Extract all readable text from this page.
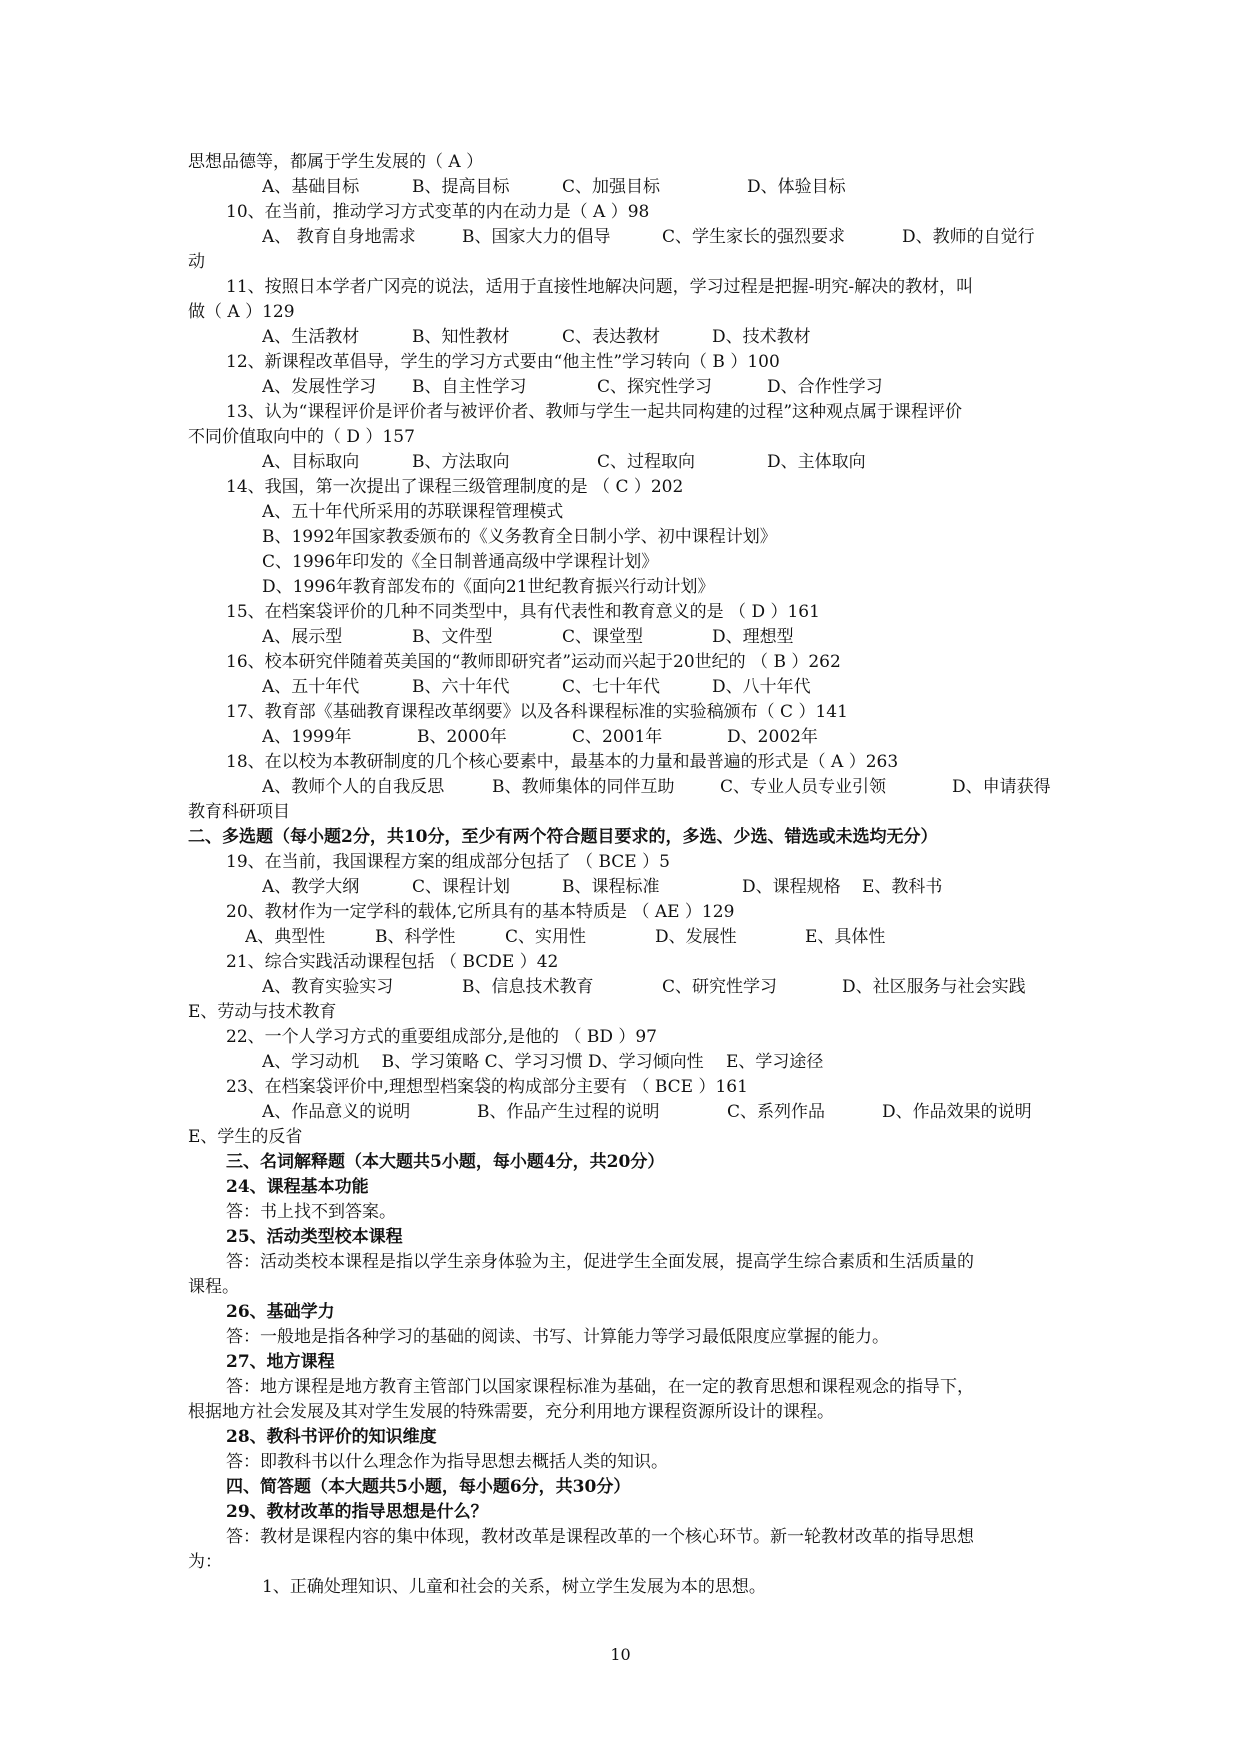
思想品德等，都属于学生发展的（ A ）
A、基础目标	B、提高目标	C、加强目标	D、体验目标
10、在当前，推动学习方式变革的内在动力是（ A ）98
A、 教育自身地需求	B、国家大力的倡导	C、学生家长的强烈要求	D、教师的自觉行
动
11、按照日本学者广冈亮的说法，适用于直接性地解决问题，学习过程是把握-明究-解决的教材，叫
做（ A ）129
A、生活教材	B、知性教材	C、表达教材	D、技术教材
12、新课程改革倡导，学生的学习方式要由“他主性”学习转向（ B ）100
A、发展性学习	B、自主性学习	C、探究性学习	D、合作性学习
13、认为“课程评价是评价者与被评价者、教师与学生一起共同构建的过程”这种观点属于课程评价
不同价值取向中的（ D ）157
A、目标取向	B、方法取向	C、过程取向	D、主体取向
14、我国，第一次提出了课程三级管理制度的是 （ C ）202
A、五十年代所采用的苏联课程管理模式
B、1992年国家教委颁布的《义务教育全日制小学、初中课程计划》
C、1996年印发的《全日制普通高级中学课程计划》
D、1996年教育部发布的《面向21世纪教育振兴行动计划》
15、在档案袋评价的几种不同类型中，具有代表性和教育意义的是 （ D ）161
A、展示型	B、文件型	C、课堂型	D、理想型
16、校本研究伴随着英美国的“教师即研究者”运动而兴起于20世纪的 （ B ）262
A、五十年代	B、六十年代	C、七十年代	D、八十年代
17、教育部《基础教育课程改革纲要》以及各科课程标准的实验稿颁布（ C ）141
A、1999年	B、2000年	C、2001年	D、2002年
18、在以校为本教研制度的几个核心要素中，最基本的力量和最普遍的形式是（ A ）263
A、教师个人的自我反思	B、教师集体的同伴互助	C、专业人员专业引领	D、申请获得
教育科研项目
二、多选题（每小题2分，共10分，至少有两个符合题目要求的，多选、少选、错选或未选均无分）
19、在当前，我国课程方案的组成部分包括了 （ BCE ）5
A、教学大纲	C、课程计划	B、课程标准	D、课程规格	E、教科书
20、教材作为一定学科的载体,它所具有的基本特质是 （ AE ）129
A、典型性	B、科学性	C、实用性	D、发展性	E、具体性
21、综合实践活动课程包括 （ BCDE ）42
A、教育实验实习	B、信息技术教育	C、研究性学习	D、社区服务与社会实践
E、劳动与技术教育
22、一个人学习方式的重要组成部分,是他的 （ BD ）97
A、学习动机　 B、学习策略 C、学习习惯 D、学习倾向性　 E、学习途径
23、在档案袋评价中,理想型档案袋的构成部分主要有 （ BCE ）161
A、作品意义的说明	B、作品产生过程的说明	C、系列作品	D、作品效果的说明
E、学生的反省
三、名词解释题（本大题共5小题，每小题4分，共20分）
24、课程基本功能
答：书上找不到答案。
25、活动类型校本课程
答：活动类校本课程是指以学生亲身体验为主，促进学生全面发展，提高学生综合素质和生活质量的
课程。
26、基础学力
答：一般地是指各种学习的基础的阅读、书写、计算能力等学习最低限度应掌握的能力。
27、地方课程
答：地方课程是地方教育主管部门以国家课程标准为基础，在一定的教育思想和课程观念的指导下，
根据地方社会发展及其对学生发展的特殊需要，充分利用地方课程资源所设计的课程。
28、教科书评价的知识维度
答：即教科书以什么理念作为指导思想去概括人类的知识。
四、简答题（本大题共5小题，每小题6分，共30分）
29、教材改革的指导思想是什么？
答：教材是课程内容的集中体现，教材改革是课程改革的一个核心环节。新一轮教材改革的指导思想
为：
1、正确处理知识、儿童和社会的关系，树立学生发展为本的思想。
10
